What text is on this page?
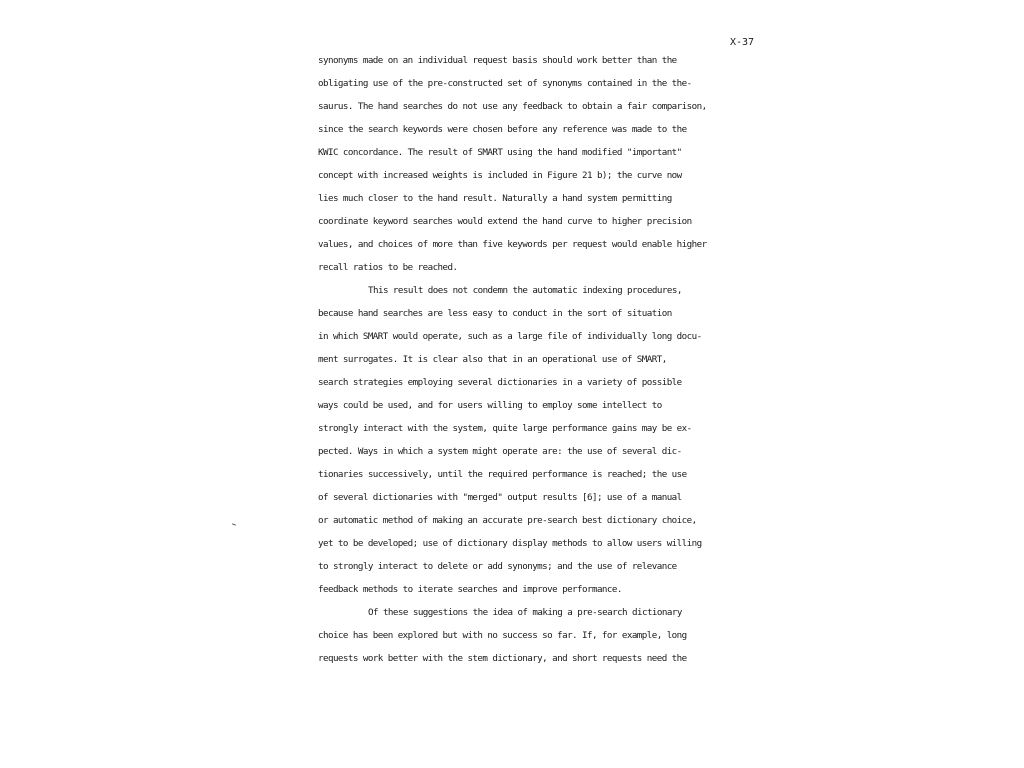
X-37
synonyms made on an individual request basis should work better than the
obligating use of the pre-constructed set of synonyms contained in the the-
saurus. The hand searches do not use any feedback to obtain a fair comparison,
since the search keywords were chosen before any reference was made to the
KWIC concordance. The result of SMART using the hand modified "important"
concept with increased weights is included in Figure 21 b); the curve now
lies much closer to the hand result. Naturally a hand system permitting
coordinate keyword searches would extend the hand curve to higher precision
values, and choices of more than five keywords per request would enable higher
recall ratios to be reached.
This result does not condemn the automatic indexing procedures,
because hand searches are less easy to conduct in the sort of situation
in which SMART would operate, such as a large file of individually long docu-
ment surrogates. It is clear also that in an operational use of SMART,
search strategies employing several dictionaries in a variety of possible
ways could be used, and for users willing to employ some intellect to
strongly interact with the system, quite large performance gains may be ex-
pected. Ways in which a system might operate are: the use of several dic-
tionaries successively, until the required performance is reached; the use
of several dictionaries with "merged" output results [6]; use of a manual
or automatic method of making an accurate pre-search best dictionary choice,
yet to be developed; use of dictionary display methods to allow users willing
to strongly interact to delete or add synonyms; and the use of relevance
feedback methods to iterate searches and improve performance.
Of these suggestions the idea of making a pre-search dictionary
choice has been explored but with no success so far. If, for example, long
requests work better with the stem dictionary, and short requests need the
